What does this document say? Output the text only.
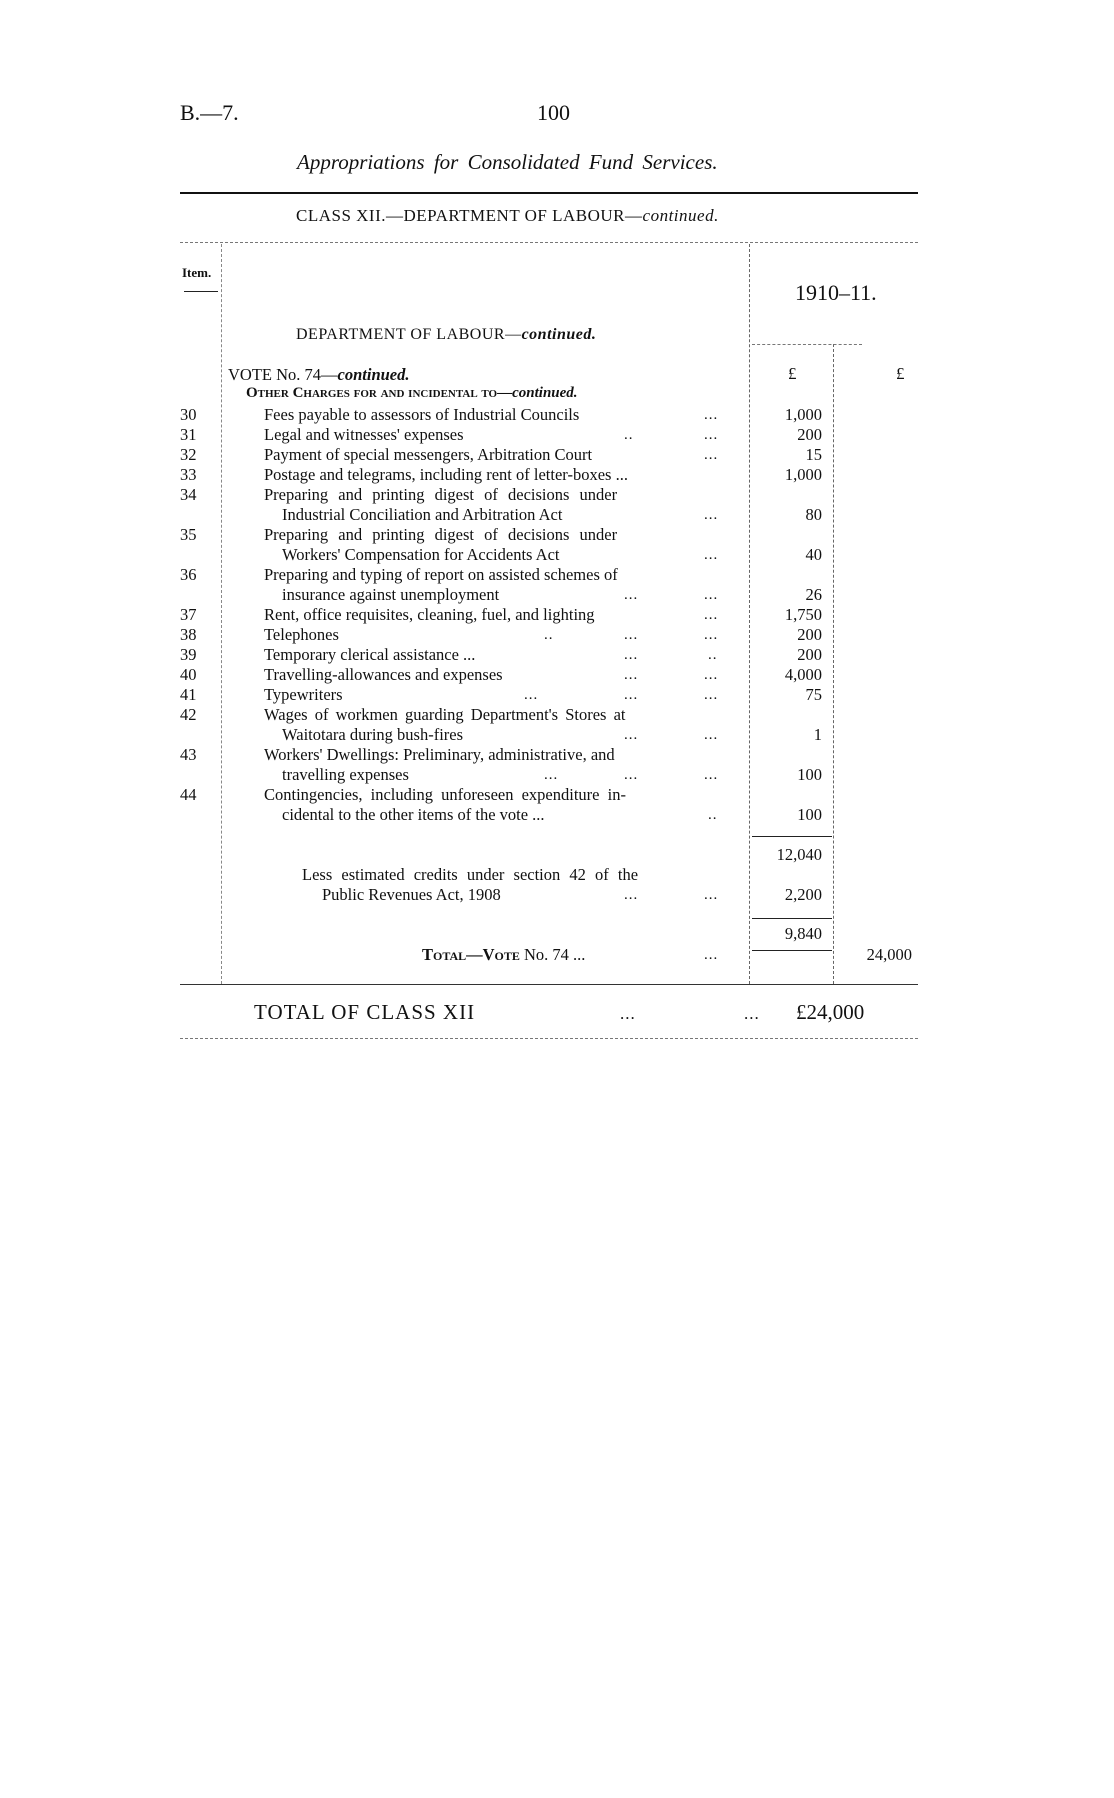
B.—7.	100
Appropriations for Consolidated Fund Services.
CLASS XII.—DEPARTMENT OF LABOUR—continued.
Item.
1910–11.
DEPARTMENT OF LABOUR—continued.
£	£
VOTE No. 74—continued.
Other Charges for and incidental to—continued.
30	Fees payable to assessors of Industrial Councils	...	1,000
31	Legal and witnesses' expenses	..	...	200
32	Payment of special messengers, Arbitration Court	...	15
33	Postage and telegrams, including rent of letter-boxes ...	1,000
34	Preparing and printing digest of decisions under
Industrial Conciliation and Arbitration Act	...	80
35	Preparing and printing digest of decisions under
Workers' Compensation for Accidents Act	...	40
36	Preparing and typing of report on assisted schemes of
insurance against unemployment	...	...	26
37	Rent, office requisites, cleaning, fuel, and lighting	...	1,750
38	Telephones	..	...	...	200
39	Temporary clerical assistance ...	...	..	200
40	Travelling-allowances and expenses	...	...	4,000
41	Typewriters	...	...	...	75
42	Wages of workmen guarding Department's Stores at
Waitotara during bush-fires	...	...	1
43	Workers' Dwellings: Preliminary, administrative, and
travelling expenses	...	...	...	100
44	Contingencies, including unforeseen expenditure in-
cidental to the other items of the vote ...	..	100
12,040
Less estimated credits under section 42 of the
Public Revenues Act, 1908	...	...	2,200
9,840
Total—Vote No. 74 ...	...	24,000
TOTAL OF CLASS XII	...	... £24,000
